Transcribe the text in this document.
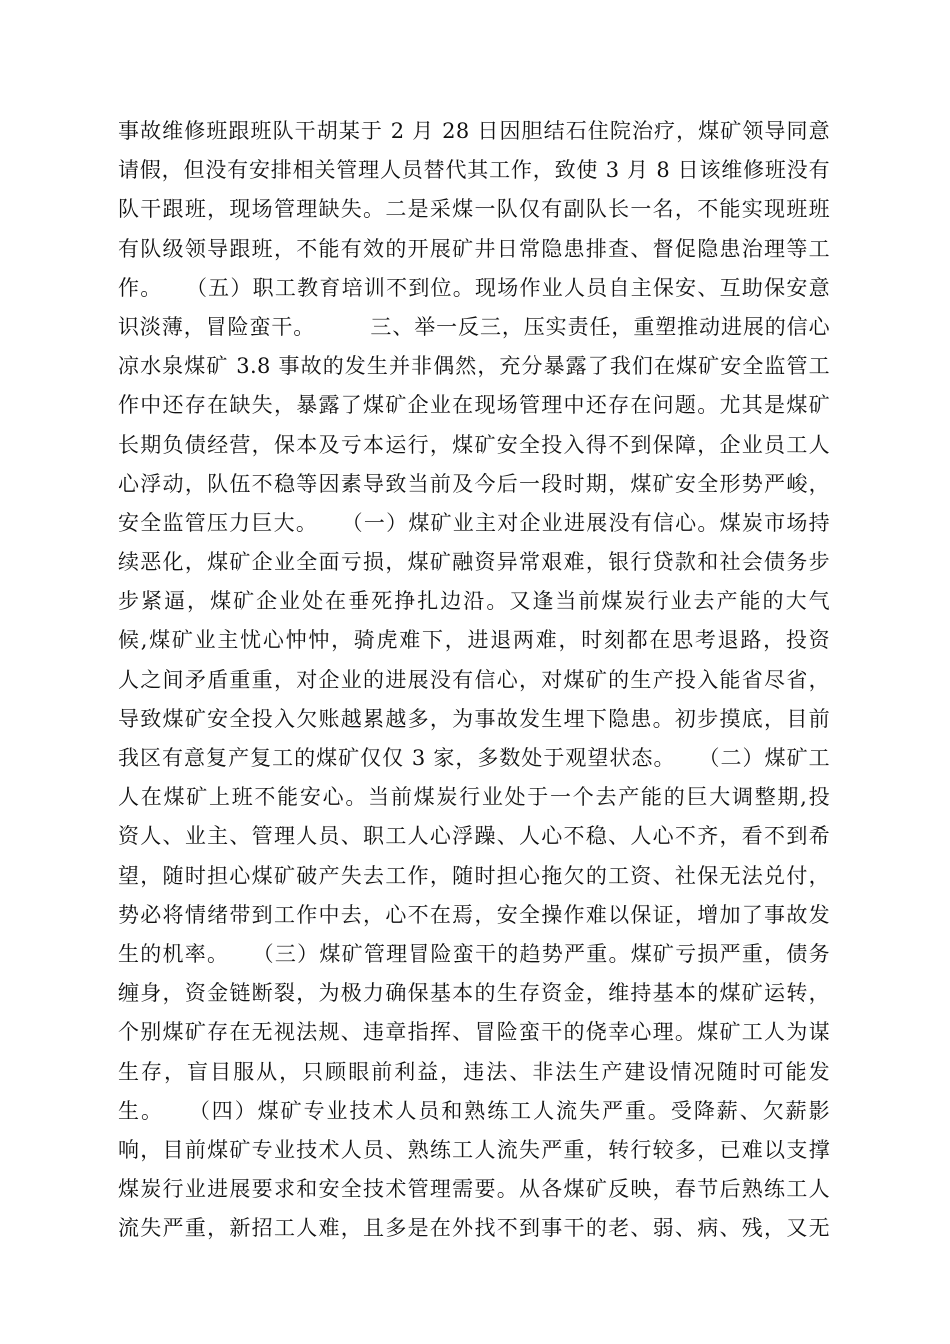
事故维修班跟班队干胡某于 2 月 28 日因胆结石住院治疗，煤矿领导同意
请假，但没有安排相关管理人员替代其工作，致使 3 月 8 日该维修班没有
队干跟班，现场管理缺失。二是采煤一队仅有副队长一名，不能实现班班
有队级领导跟班，不能有效的开展矿井日常隐患排查、督促隐患治理等工
作。　　（五）职工教育培训不到位。现场作业人员自主保安、互助保安意
识淡薄，冒险蛮干。　　　三、举一反三，压实责任，重塑推动进展的信心
凉水泉煤矿 3.8 事故的发生并非偶然，充分暴露了我们在煤矿安全监管工
作中还存在缺失，暴露了煤矿企业在现场管理中还存在问题。尤其是煤矿
长期负债经营，保本及亏本运行，煤矿安全投入得不到保障，企业员工人
心浮动，队伍不稳等因素导致当前及今后一段时期，煤矿安全形势严峻，
安全监管压力巨大。　　（一）煤矿业主对企业进展没有信心。煤炭市场持
续恶化，煤矿企业全面亏损，煤矿融资异常艰难，银行贷款和社会债务步
步紧逼，煤矿企业处在垂死挣扎边沿。又逢当前煤炭行业去产能的大气
候,煤矿业主忧心忡忡，骑虎难下，进退两难，时刻都在思考退路，投资
人之间矛盾重重，对企业的进展没有信心，对煤矿的生产投入能省尽省，
导致煤矿安全投入欠账越累越多，为事故发生埋下隐患。初步摸底，目前
我区有意复产复工的煤矿仅仅 3 家，多数处于观望状态。　　（二）煤矿工
人在煤矿上班不能安心。当前煤炭行业处于一个去产能的巨大调整期,投
资人、业主、管理人员、职工人心浮躁、人心不稳、人心不齐，看不到希
望，随时担心煤矿破产失去工作，随时担心拖欠的工资、社保无法兑付，
势必将情绪带到工作中去，心不在焉，安全操作难以保证，增加了事故发
生的机率。　　（三）煤矿管理冒险蛮干的趋势严重。煤矿亏损严重，债务
缠身，资金链断裂，为极力确保基本的生存资金，维持基本的煤矿运转，
个别煤矿存在无视法规、违章指挥、冒险蛮干的侥幸心理。煤矿工人为谋
生存，盲目服从，只顾眼前利益，违法、非法生产建设情况随时可能发
生。　　（四）煤矿专业技术人员和熟练工人流失严重。受降薪、欠薪影
响，目前煤矿专业技术人员、熟练工人流失严重，转行较多，已难以支撑
煤炭行业进展要求和安全技术管理需要。从各煤矿反映，春节后熟练工人
流失严重，新招工人难，且多是在外找不到事干的老、弱、病、残，又无
